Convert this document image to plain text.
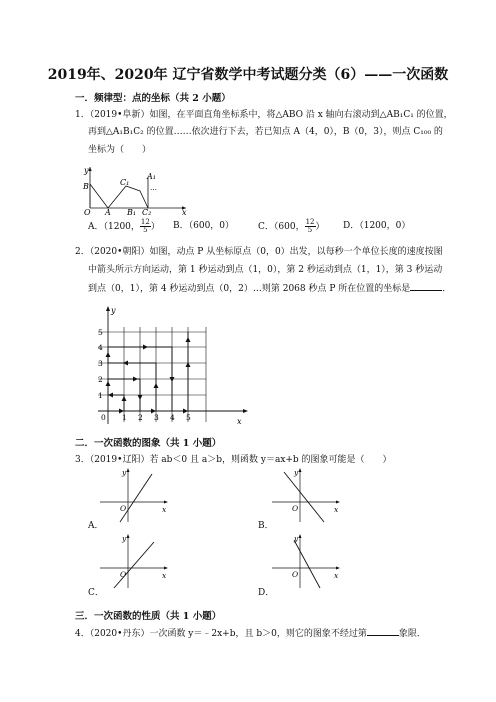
2019年、2020年 辽宁省数学中考试题分类（6）——一次函数
一．频律型：点的坐标（共 2 小题）
1．（2019•阜新）如图，在平面直角坐标系中，将△ABO 沿 x 轴向右滚动到△AB₁C₁ 的位置，
再到△A₁B₁C₂ 的位置……依次进行下去，若已知点 A（4，0），B（0，3），则点 C₁₀₀ 的
坐标为（　　）
y
x
O A
B
B₁
C₁
C₂
A₁
…
A．（1200， $\frac{12}{5}$ ） B．（600，0）	C．（600， $\frac{12}{5}$ ） D．（1200，0）
2．（2020•朝阳）如图，动点 P 从坐标原点（0，0）出发，以每秒一个单位长度的速度按图
中箭头所示方向运动，第 1 秒运动到点（1，0），第 2 秒运动到点（1，1），第 3 秒运动
到点（0，1），第 4 秒运动到点（0，2）…则第 2068 秒点 P 所在位置的坐标是	．
y
x
0 1 2 3 4 5
1
2
3
4
5
二．一次函数的图象（共 1 小题）
3．（2019•辽阳）若 ab＜0 且 a＞b，则函数 y＝ax+b 的图象可能是（　　）
y
x
O
A．
y
x
O
B．
y
x
O
C．
y
x
O
D．
三．一次函数的性质（共 1 小题）
4．（2020•丹东）一次函数 y＝﹣2x+b，且 b＞0，则它的图象不经过第	象限．
